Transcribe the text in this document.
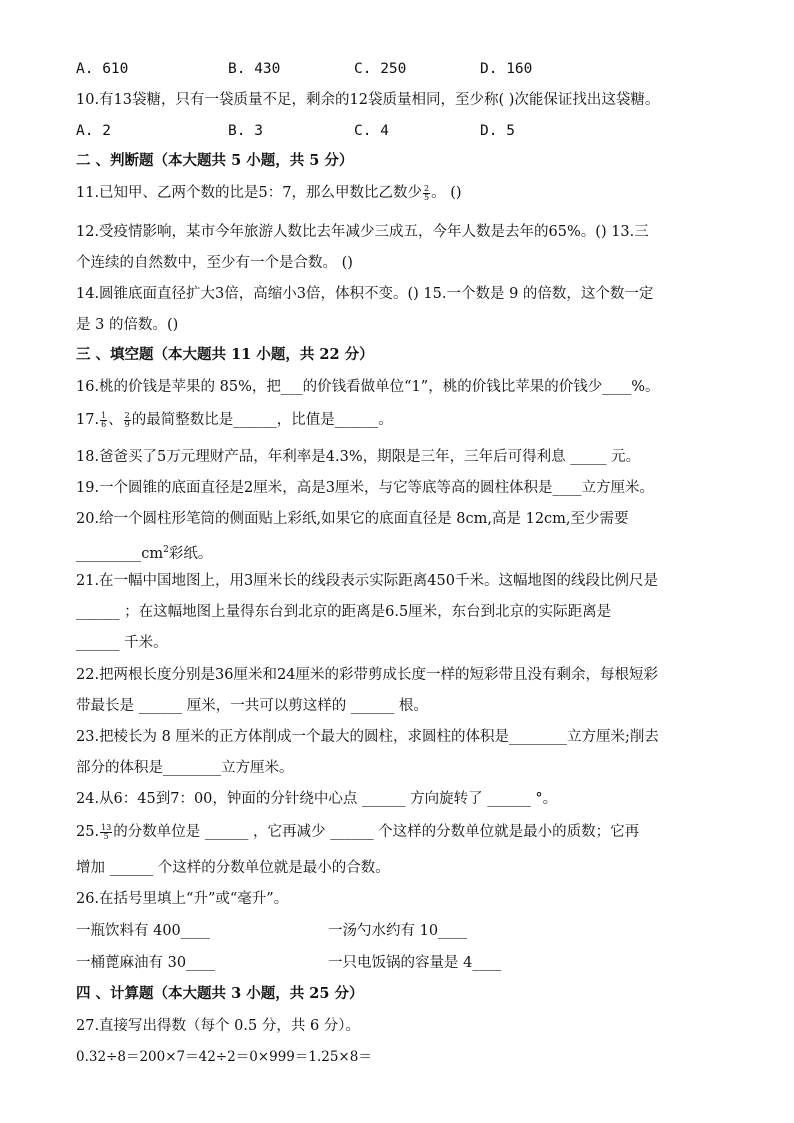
A. 610	B. 430	C. 250	D. 160
10.有13袋糖，只有一袋质量不足，剩余的12袋质量相同，至少称( )次能保证找出这袋糖。
A. 2	B. 3	C. 4	D. 5
二 、判断题（本大题共 5 小题，共 5 分）
11.已知甲、乙两个数的比是5：7，那么甲数比乙数少 $\frac{2}{5}$ 。 ()
12.受疫情影响，某市今年旅游人数比去年减少三成五，今年人数是去年的65%。() 13.三
个连续的自然数中，至少有一个是合数。 ()
14.圆锥底面直径扩大3倍，高缩小3倍，体积不变。() 15.一个数是 9 的倍数，这个数一定
是 3 的倍数。()
三 、填空题（本大题共 11 小题，共 22 分）
16.桃的价钱是苹果的 85%，把___的价钱看做单位“1”，桃的价钱比苹果的价钱少____%。
17. $\frac{1}{6}$ 、 $\frac{2}{9}$ 的最简整数比是______，比值是______。
18.爸爸买了5万元理财产品，年利率是4.3%，期限是三年，三年后可得利息 _____ 元。
19.一个圆锥的底面直径是2厘米，高是3厘米，与它等底等高的圆柱体积是____立方厘米。
20.给一个圆柱形笔筒的侧面贴上彩纸,如果它的底面直径是 8cm,高是 12cm,至少需要
$\_\_\_\_\_\_\_\_\_cm^2$彩纸。
21.在一幅中国地图上，用3厘米长的线段表示实际距离450千米。这幅地图的线段比例尺是
______ ；在这幅地图上量得东台到北京的距离是6.5厘米，东台到北京的实际距离是
______ 千米。
22.把两根长度分别是36厘米和24厘米的彩带剪成长度一样的短彩带且没有剩余，每根短彩
带最长是 ______ 厘米，一共可以剪这样的 ______ 根。
23.把棱长为 8 厘米的正方体削成一个最大的圆柱，求圆柱的体积是________立方厘米;削去
部分的体积是________立方厘米。
24.从6：45到7：00，钟面的分针绕中心点 ______ 方向旋转了 ______ °。
25. $\frac{13}{5}$ 的分数单位是 ______ ，它再减少 ______ 个这样的分数单位就是最小的质数；它再
增加 ______ 个这样的分数单位就是最小的合数。
26.在括号里填上“升”或“毫升”。
一瓶饮料有 400____	一汤勺水约有 10____
一桶蓖麻油有 30____	一只电饭锅的容量是 4____
四 、计算题（本大题共 3 小题，共 25 分）
27.直接写出得数（每个 0.5 分，共 6 分）。
0.32÷8＝200×7＝42÷2＝0×999＝1.25×8＝
